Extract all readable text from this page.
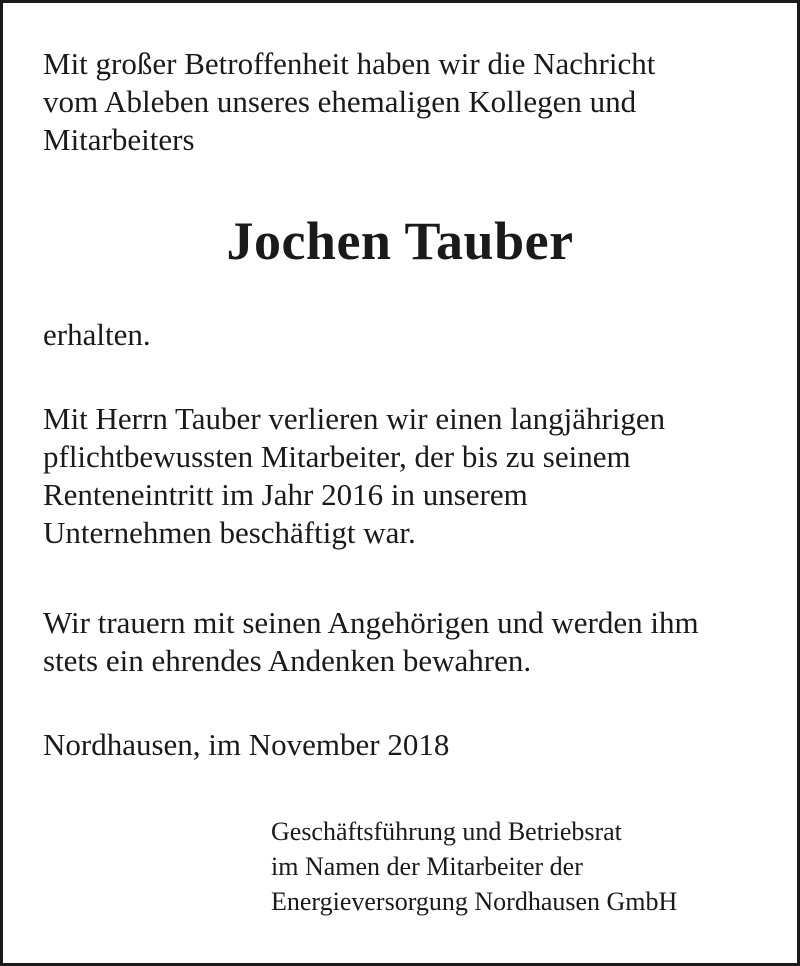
Mit großer Betroffenheit haben wir die Nachricht
vom Ableben unseres ehemaligen Kollegen und
Mitarbeiters

Jochen Tauber

erhalten.

Mit Herrn Tauber verlieren wir einen langjährigen
pflichtbewussten Mitarbeiter, der bis zu seinem
Renteneintritt im Jahr 2016 in unserem
Unternehmen beschäftigt war.

Wir trauern mit seinen Angehörigen und werden ihm
stets ein ehrendes Andenken bewahren.

Nordhausen, im November 2018

Geschäftsführung und Betriebsrat
im Namen der Mitarbeiter der
Energieversorgung Nordhausen GmbH
